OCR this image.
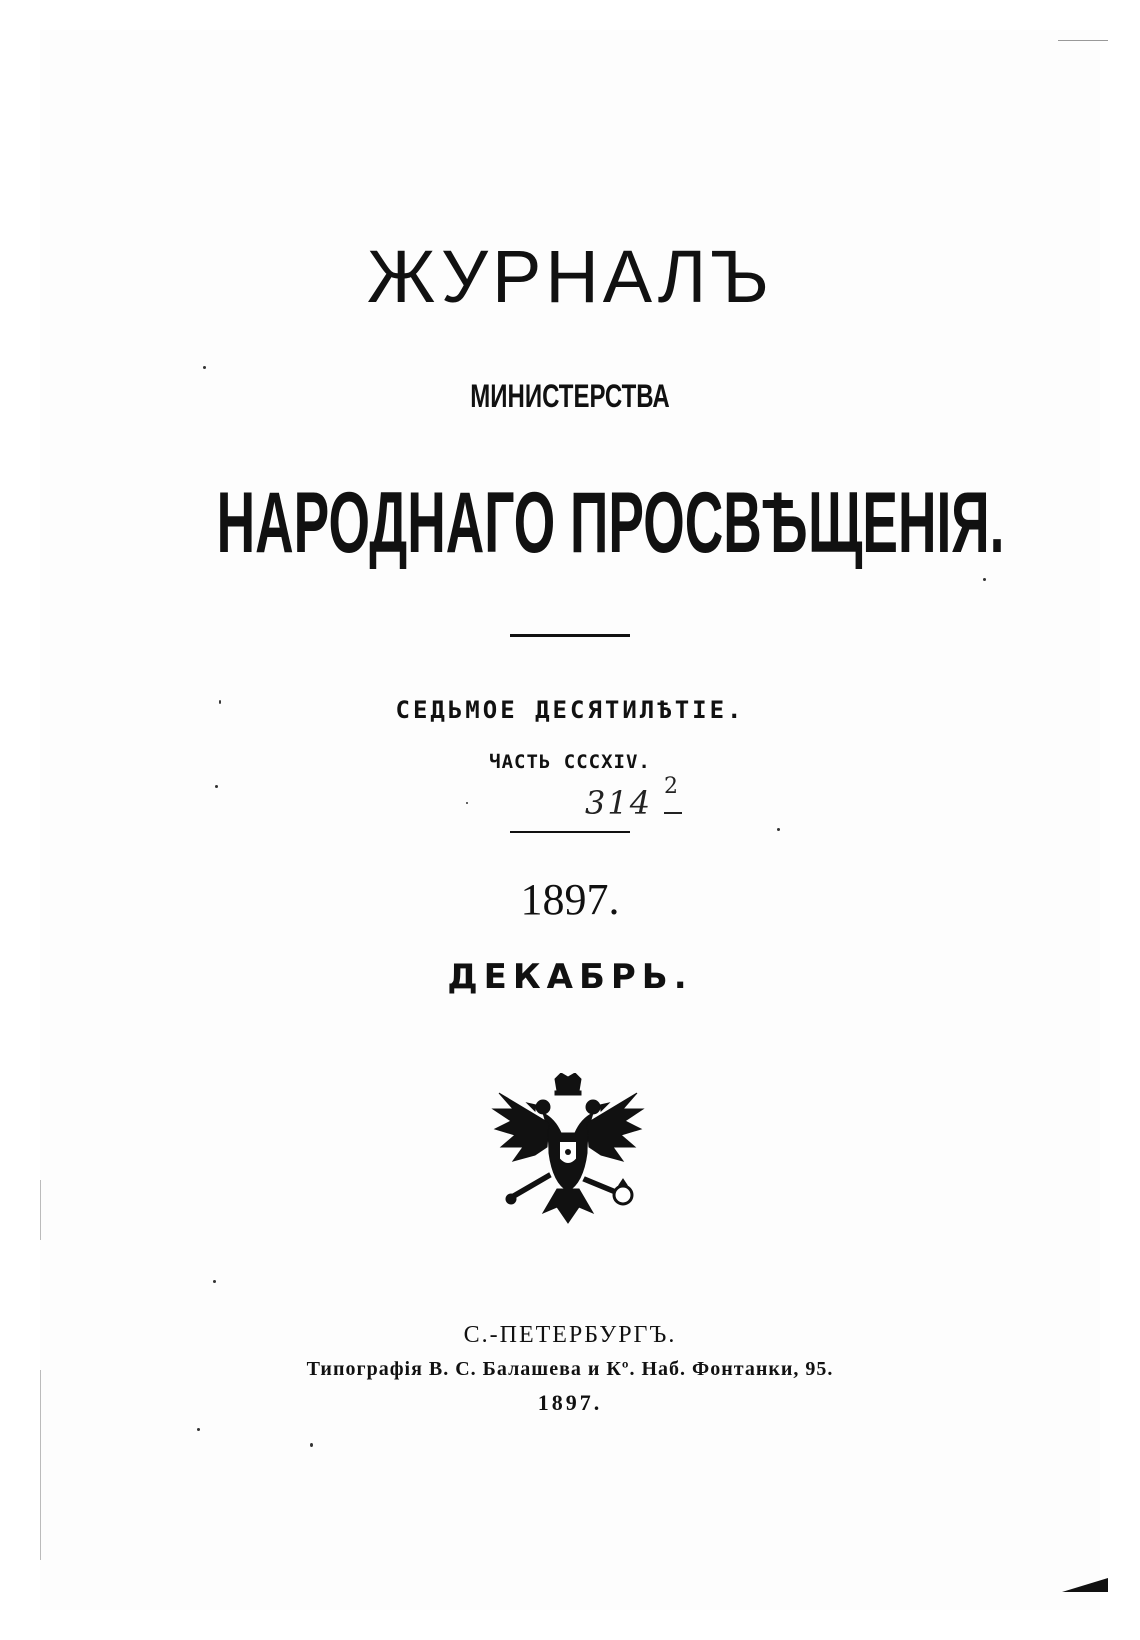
ЖУРНАЛЪ
МИНИСТЕРСТВА
НАРОДНАГО ПРОСВѢЩЕНІЯ.
СЕДЬМОЕ ДЕСЯТИЛѢТІЕ.
ЧАСТЬ CCCXIV.
314 2
1897.
ДЕКАБРЬ.
С.-ПЕТЕРБУРГЪ.
Типографія В. С. Балашева и Кº. Наб. Фонтанки, 95.
1897.
